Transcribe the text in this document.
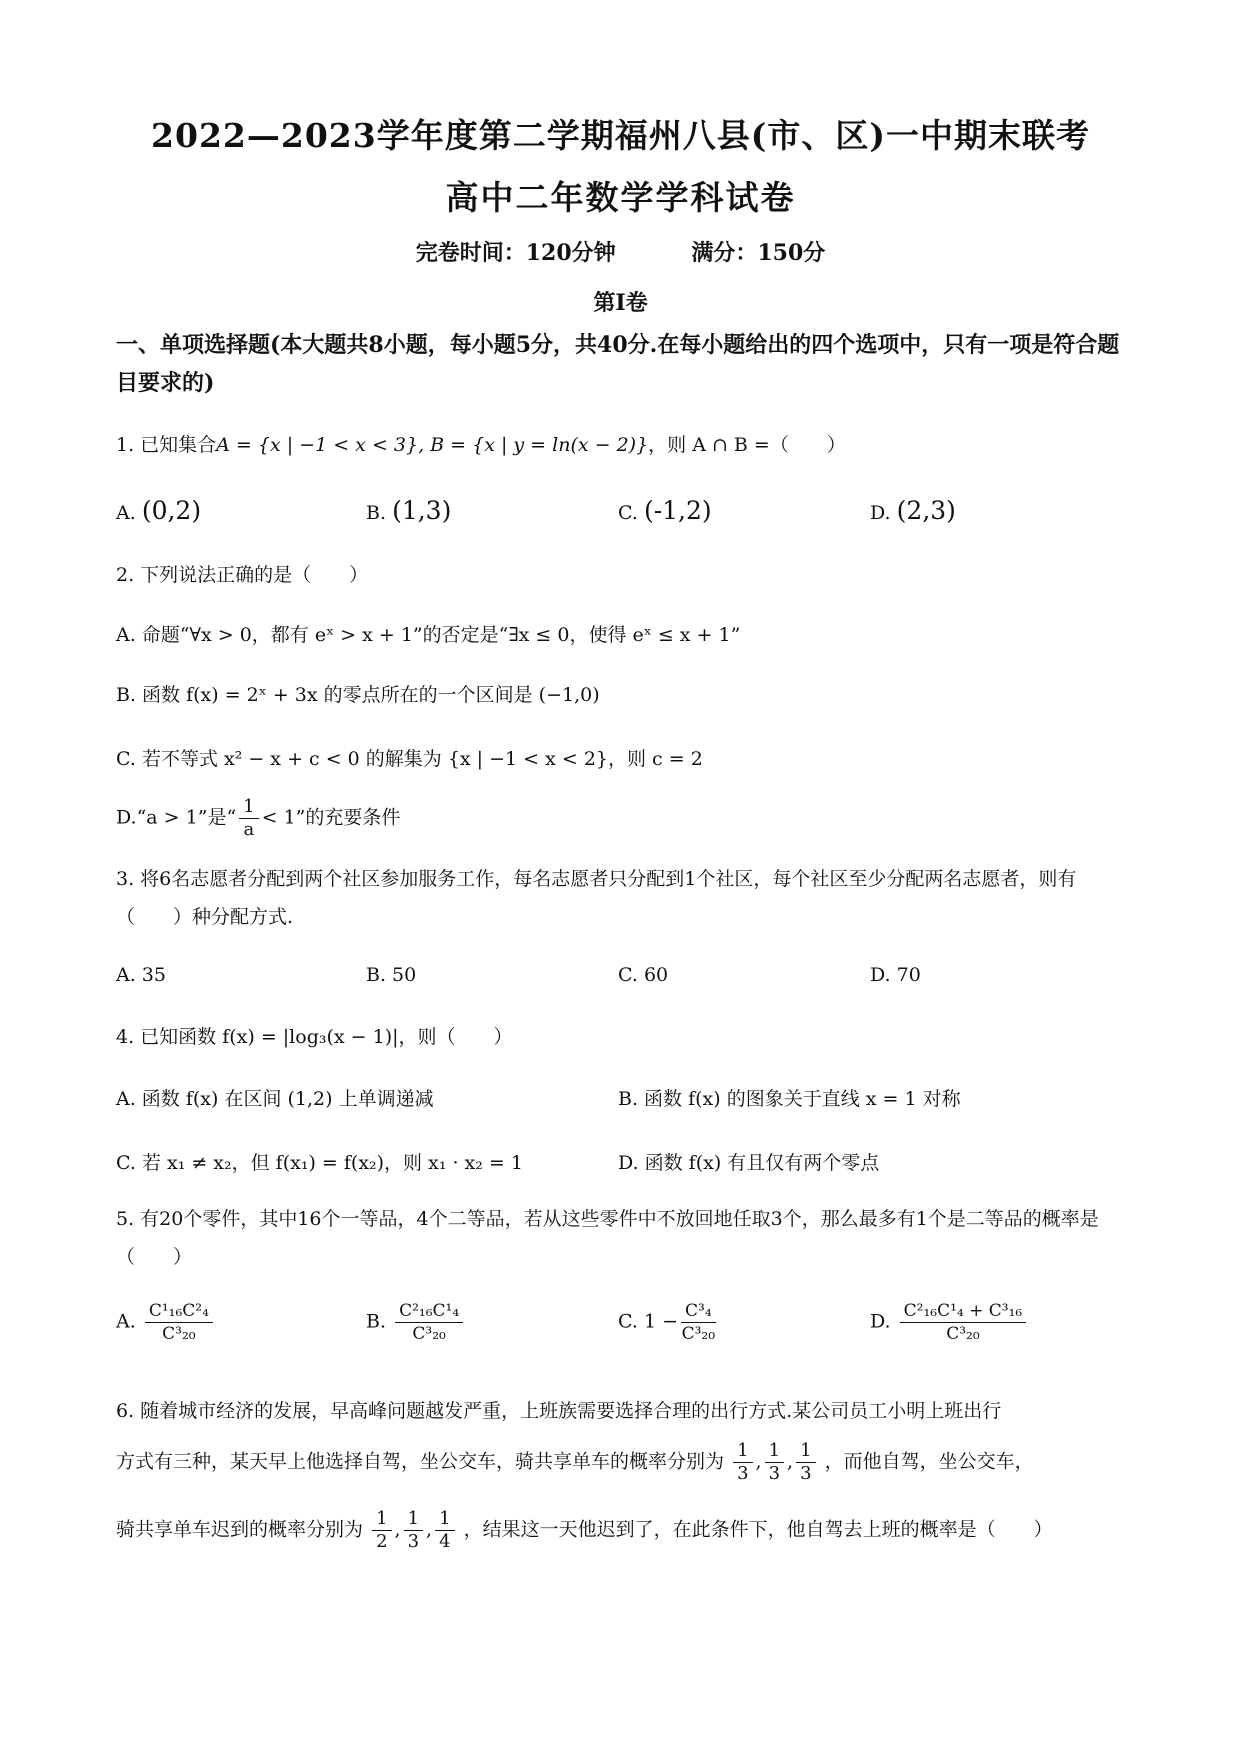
2022—2023学年度第二学期福州八县(市、区)一中期末联考
高中二年数学学科试卷
完卷时间：120分钟	满分：150分
第Ⅰ卷
一、单项选择题(本大题共8小题，每小题5分，共40分.在每小题给出的四个选项中，只有一项是符合题目要求的)
1. 已知集合A = {x | −1 < x < 3}, B = {x | y = ln(x − 2)}，则 A ∩ B =（　　）
A. (0,2)	B. (1,3)	C. (-1,2)	D. (2,3)
2. 下列说法正确的是（　　）
A. 命题“∀x > 0，都有 eˣ > x + 1”的否定是“∃x ≤ 0，使得 eˣ ≤ x + 1”
B. 函数 f(x) = 2ˣ + 3x 的零点所在的一个区间是 (−1,0)
C. 若不等式 x² − x + c < 0 的解集为 {x | −1 < x < 2}，则 c = 2
D.“a > 1”是“ $\frac{1}{a} < 1$”的充要条件
3. 将6名志愿者分配到两个社区参加服务工作，每名志愿者只分配到1个社区，每个社区至少分配两名志愿者，则有（　　）种分配方式.
A. 35	B. 50	C. 60	D. 70
4. 已知函数 f(x) = |log₃(x − 1)|，则（　　）
A. 函数 f(x) 在区间 (1,2) 上单调递减	B. 函数 f(x) 的图象关于直线 x = 1 对称
C. 若 x₁ ≠ x₂，但 f(x₁) = f(x₂)，则 x₁ · x₂ = 1	D. 函数 f(x) 有且仅有两个零点
5. 有20个零件，其中16个一等品，4个二等品，若从这些零件中不放回地任取3个，那么最多有1个是二等品的概率是（　　）
A. $\frac{\text{C¹₁₆C²₄}}{\text{C³₂₀}}$	B. $\frac{\text{C²₁₆C¹₄}}{\text{C³₂₀}}$	C. $1 - \frac{\text{C³₄}}{\text{C³₂₀}}$	D. $\frac{\text{C²₁₆C¹₄ + C³₁₆}}{\text{C³₂₀}}$
6. 随着城市经济的发展，早高峰问题越发严重，上班族需要选择合理的出行方式.某公司员工小明上班出行
方式有三种，某天早上他选择自驾，坐公交车，骑共享单车的概率分别为 $\frac{1}{3}$ , $\frac{1}{3}$ , $\frac{1}{3}$ ，而他自驾，坐公交车，
骑共享单车迟到的概率分别为 $\frac{1}{2}$ , $\frac{1}{3}$ , $\frac{1}{4}$ ，结果这一天他迟到了，在此条件下，他自驾去上班的概率是（　　）
